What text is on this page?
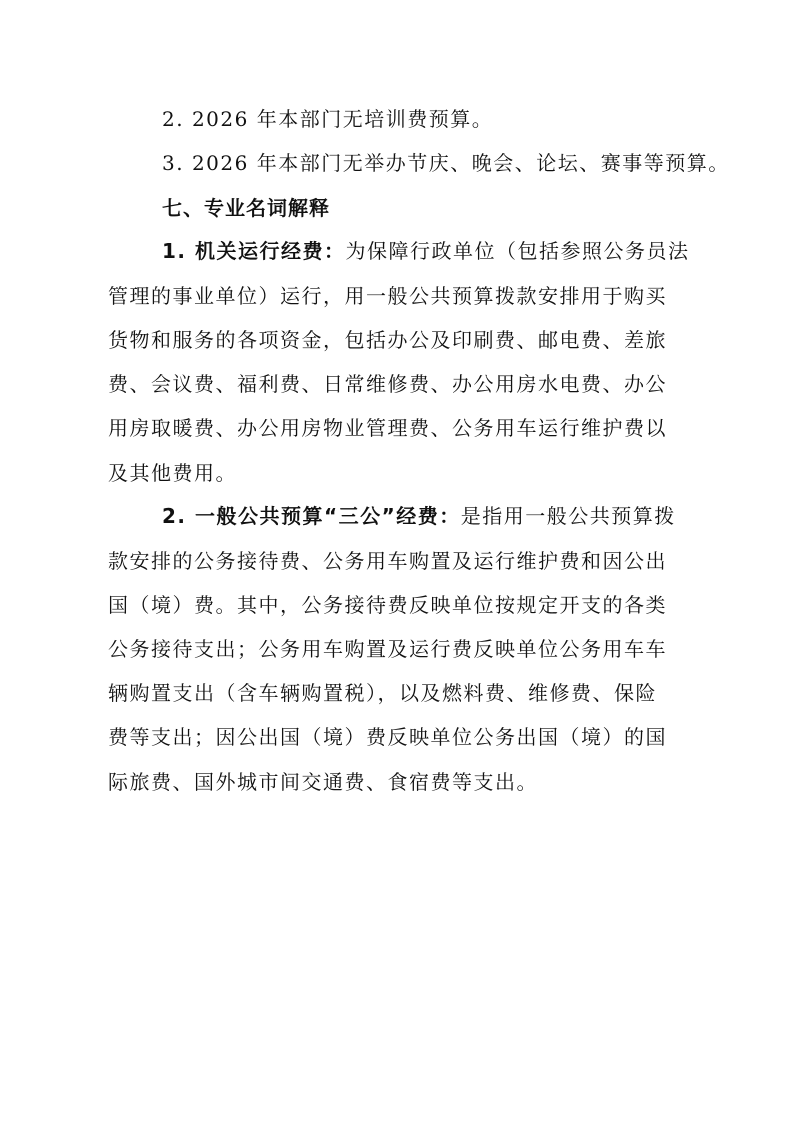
2. 2026 年本部门无培训费预算。
3. 2026 年本部门无举办节庆、晚会、论坛、赛事等预算。
七、专业名词解释
1. 机关运行经费：为保障行政单位（包括参照公务员法
管理的事业单位）运行，用一般公共预算拨款安排用于购买
货物和服务的各项资金，包括办公及印刷费、邮电费、差旅
费、会议费、福利费、日常维修费、办公用房水电费、办公
用房取暖费、办公用房物业管理费、公务用车运行维护费以
及其他费用。
2. 一般公共预算“三公”经费：是指用一般公共预算拨
款安排的公务接待费、公务用车购置及运行维护费和因公出
国（境）费。其中，公务接待费反映单位按规定开支的各类
公务接待支出；公务用车购置及运行费反映单位公务用车车
辆购置支出（含车辆购置税），以及燃料费、维修费、保险
费等支出；因公出国（境）费反映单位公务出国（境）的国
际旅费、国外城市间交通费、食宿费等支出。
